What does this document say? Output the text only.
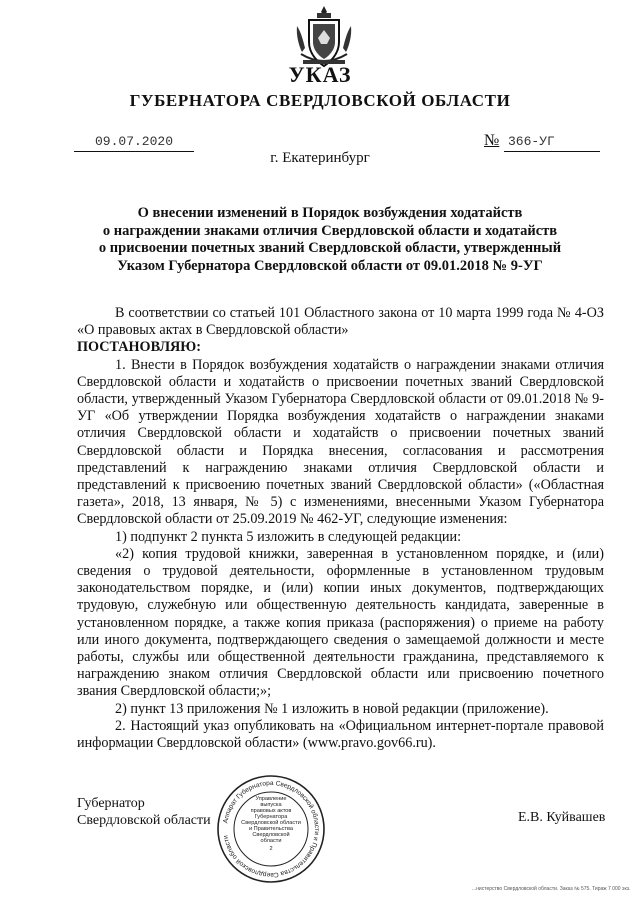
УКАЗ
ГУБЕРНАТОРА СВЕРДЛОВСКОЙ ОБЛАСТИ
09.07.2020	№ 366-УГ
г. Екатеринбург
О внесении изменений в Порядок возбуждения ходатайств
о награждении знаками отличия Свердловской области и ходатайств
о присвоении почетных званий Свердловской области, утвержденный
Указом Губернатора Свердловской области от 09.01.2018 № 9-УГ

В соответствии со статьей 101 Областного закона от 10 марта 1999 года № 4-ОЗ «О правовых актах в Свердловской области»

ПОСТАНОВЛЯЮ:

1. Внести в Порядок возбуждения ходатайств о награждении знаками отличия Свердловской области и ходатайств о присвоении почетных званий Свердловской области, утвержденный Указом Губернатора Свердловской области от 09.01.2018 № 9-УГ «Об утверждении Порядка возбуждения ходатайств о награждении знаками отличия Свердловской области и ходатайств о присвоении почетных званий Свердловской области и Порядка внесения, согласования и рассмотрения представлений к награждению знаками отличия Свердловской области и представлений к присвоению почетных званий Свердловской области» («Областная газета», 2018, 13 января, № 5) с изменениями, внесенными Указом Губернатора Свердловской области от 25.09.2019 № 462-УГ, следующие изменения:

1) подпункт 2 пункта 5 изложить в следующей редакции:

«2) копия трудовой книжки, заверенная в установленном порядке, и (или) сведения о трудовой деятельности, оформленные в установленном трудовым законодательством порядке, и (или) копии иных документов, подтверждающих трудовую, служебную или общественную деятельность кандидата, заверенные в установленном порядке, а также копия приказа (распоряжения) о приеме на работу или иного документа, подтверждающего сведения о замещаемой должности и месте работы, службы или общественной деятельности гражданина, представляемого к награждению знаком отличия Свердловской области или присвоению почетного звания Свердловской области;»;

2) пункт 13 приложения № 1 изложить в новой редакции (приложение).

2. Настоящий указ опубликовать на «Официальном интернет-портале правовой информации Свердловской области» (www.pravo.gov66.ru).

Губернатор
Свердловской области	Е.В. Куйвашев
Аппарат Губернатора Свердловской области и Правительства Свердловской области
Управление
выпуска
правовых актов
Губернатора
Свердловской области
и Правительства
Свердловской
области
2
...нистерство Свердловской области. Заказ № 575. Тираж 7 000 экз.
